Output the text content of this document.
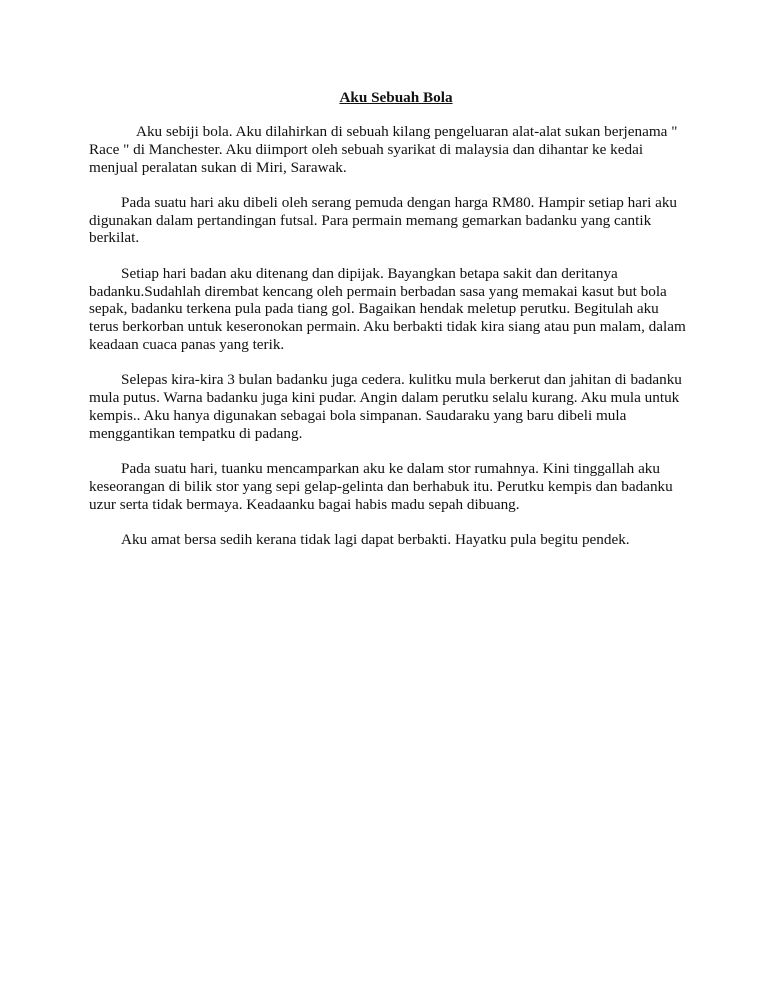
Aku Sebuah Bola

Aku sebiji bola. Aku dilahirkan di sebuah kilang pengeluaran alat-alat sukan berjenama " Race " di Manchester. Aku diimport oleh sebuah syarikat di malaysia dan dihantar ke kedai menjual peralatan sukan di Miri, Sarawak.

Pada suatu hari aku dibeli oleh serang pemuda dengan harga RM80. Hampir setiap hari aku digunakan dalam pertandingan futsal. Para permain memang gemarkan badanku yang cantik berkilat.

Setiap hari badan aku ditenang dan dipijak. Bayangkan betapa sakit dan deritanya badanku.Sudahlah dirembat kencang oleh permain berbadan sasa yang memakai kasut but bola sepak, badanku terkena pula pada tiang gol. Bagaikan hendak meletup perutku. Begitulah aku terus berkorban untuk keseronokan permain. Aku berbakti tidak kira siang atau pun malam, dalam keadaan cuaca panas yang terik.

Selepas kira-kira 3 bulan badanku juga cedera. kulitku mula berkerut dan jahitan di badanku mula putus. Warna badanku juga kini pudar. Angin dalam perutku selalu kurang. Aku mula untuk kempis.. Aku hanya digunakan sebagai bola simpanan. Saudaraku yang baru dibeli mula menggantikan tempatku di padang.

Pada suatu hari, tuanku mencamparkan aku ke dalam stor rumahnya. Kini tinggallah aku keseorangan di bilik stor yang sepi gelap-gelinta dan berhabuk itu. Perutku kempis dan badanku uzur serta tidak bermaya. Keadaanku bagai habis madu sepah dibuang.

Aku amat bersa sedih kerana tidak lagi dapat berbakti. Hayatku pula begitu pendek.
